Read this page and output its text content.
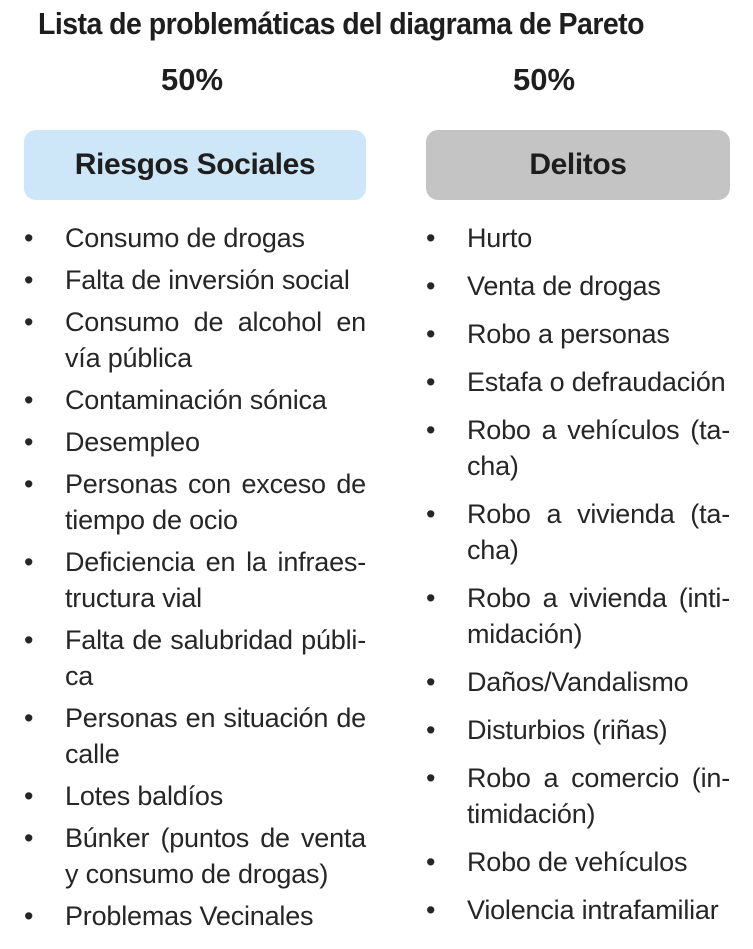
Lista de problemáticas del diagrama de Pareto
50%	50%
Riesgos Sociales	Delitos
• Consumo de drogas
• Falta de inversión social
• Consumo de alcohol en vía pública
• Contaminación sónica
• Desempleo
• Personas con exceso de tiempo de ocio
• Deficiencia en la infraes-tructura vial
• Falta de salubridad públi-ca
• Personas en situación de calle
• Lotes baldíos
• Búnker (puntos de venta y consumo de drogas)
• Problemas Vecinales
• Hurto
• Venta de drogas
• Robo a personas
• Estafa o defraudación
• Robo a vehículos (ta-cha)
• Robo a vivienda (ta-cha)
• Robo a vivienda (inti-midación)
• Daños/Vandalismo
• Disturbios (riñas)
• Robo a comercio (in-timidación)
• Robo de vehículos
• Violencia intrafamiliar
